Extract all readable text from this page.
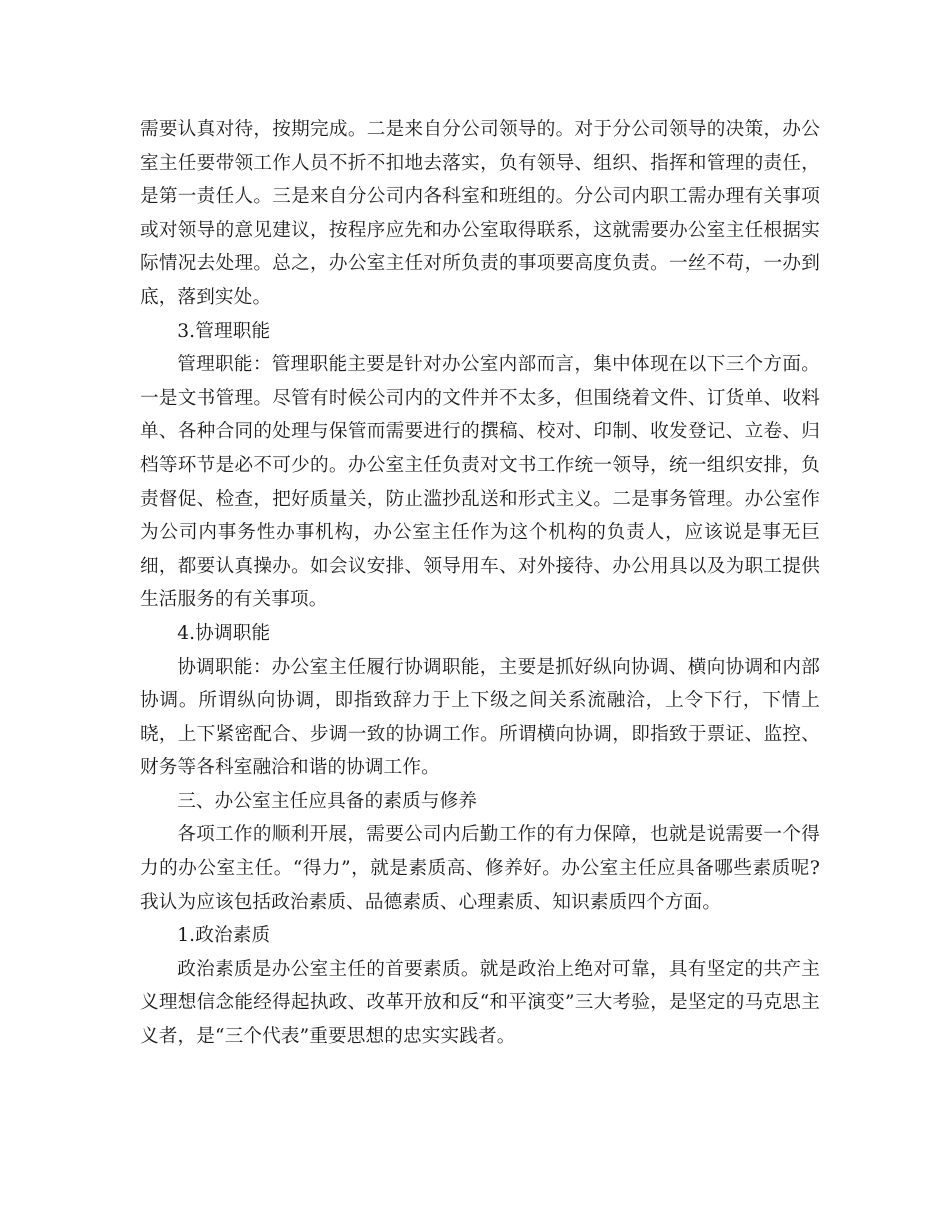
需要认真对待，按期完成。二是来自分公司领导的。对于分公司领导的决策，办公室主任要带领工作人员不折不扣地去落实，负有领导、组织、指挥和管理的责任，是第一责任人。三是来自分公司内各科室和班组的。分公司内职工需办理有关事项或对领导的意见建议，按程序应先和办公室取得联系，这就需要办公室主任根据实际情况去处理。总之，办公室主任对所负责的事项要高度负责。一丝不苟，一办到底，落到实处。

3.管理职能

管理职能：管理职能主要是针对办公室内部而言，集中体现在以下三个方面。一是文书管理。尽管有时候公司内的文件并不太多，但围绕着文件、订货单、收料单、各种合同的处理与保管而需要进行的撰稿、校对、印制、收发登记、立卷、归档等环节是必不可少的。办公室主任负责对文书工作统一领导，统一组织安排，负责督促、检查，把好质量关，防止滥抄乱送和形式主义。二是事务管理。办公室作为公司内事务性办事机构，办公室主任作为这个机构的负责人，应该说是事无巨细，都要认真操办。如会议安排、领导用车、对外接待、办公用具以及为职工提供生活服务的有关事项。

4.协调职能

协调职能：办公室主任履行协调职能，主要是抓好纵向协调、横向协调和内部协调。所谓纵向协调，即指致辞力于上下级之间关系流融洽，上令下行，下情上晓，上下紧密配合、步调一致的协调工作。所谓横向协调，即指致于票证、监控、财务等各科室融洽和谐的协调工作。

三、办公室主任应具备的素质与修养

各项工作的顺利开展，需要公司内后勤工作的有力保障，也就是说需要一个得力的办公室主任。“得力”，就是素质高、修养好。办公室主任应具备哪些素质呢?我认为应该包括政治素质、品德素质、心理素质、知识素质四个方面。

1.政治素质

政治素质是办公室主任的首要素质。就是政治上绝对可靠，具有坚定的共产主义理想信念能经得起执政、改革开放和反“和平演变”三大考验，是坚定的马克思主义者，是“三个代表”重要思想的忠实实践者。
